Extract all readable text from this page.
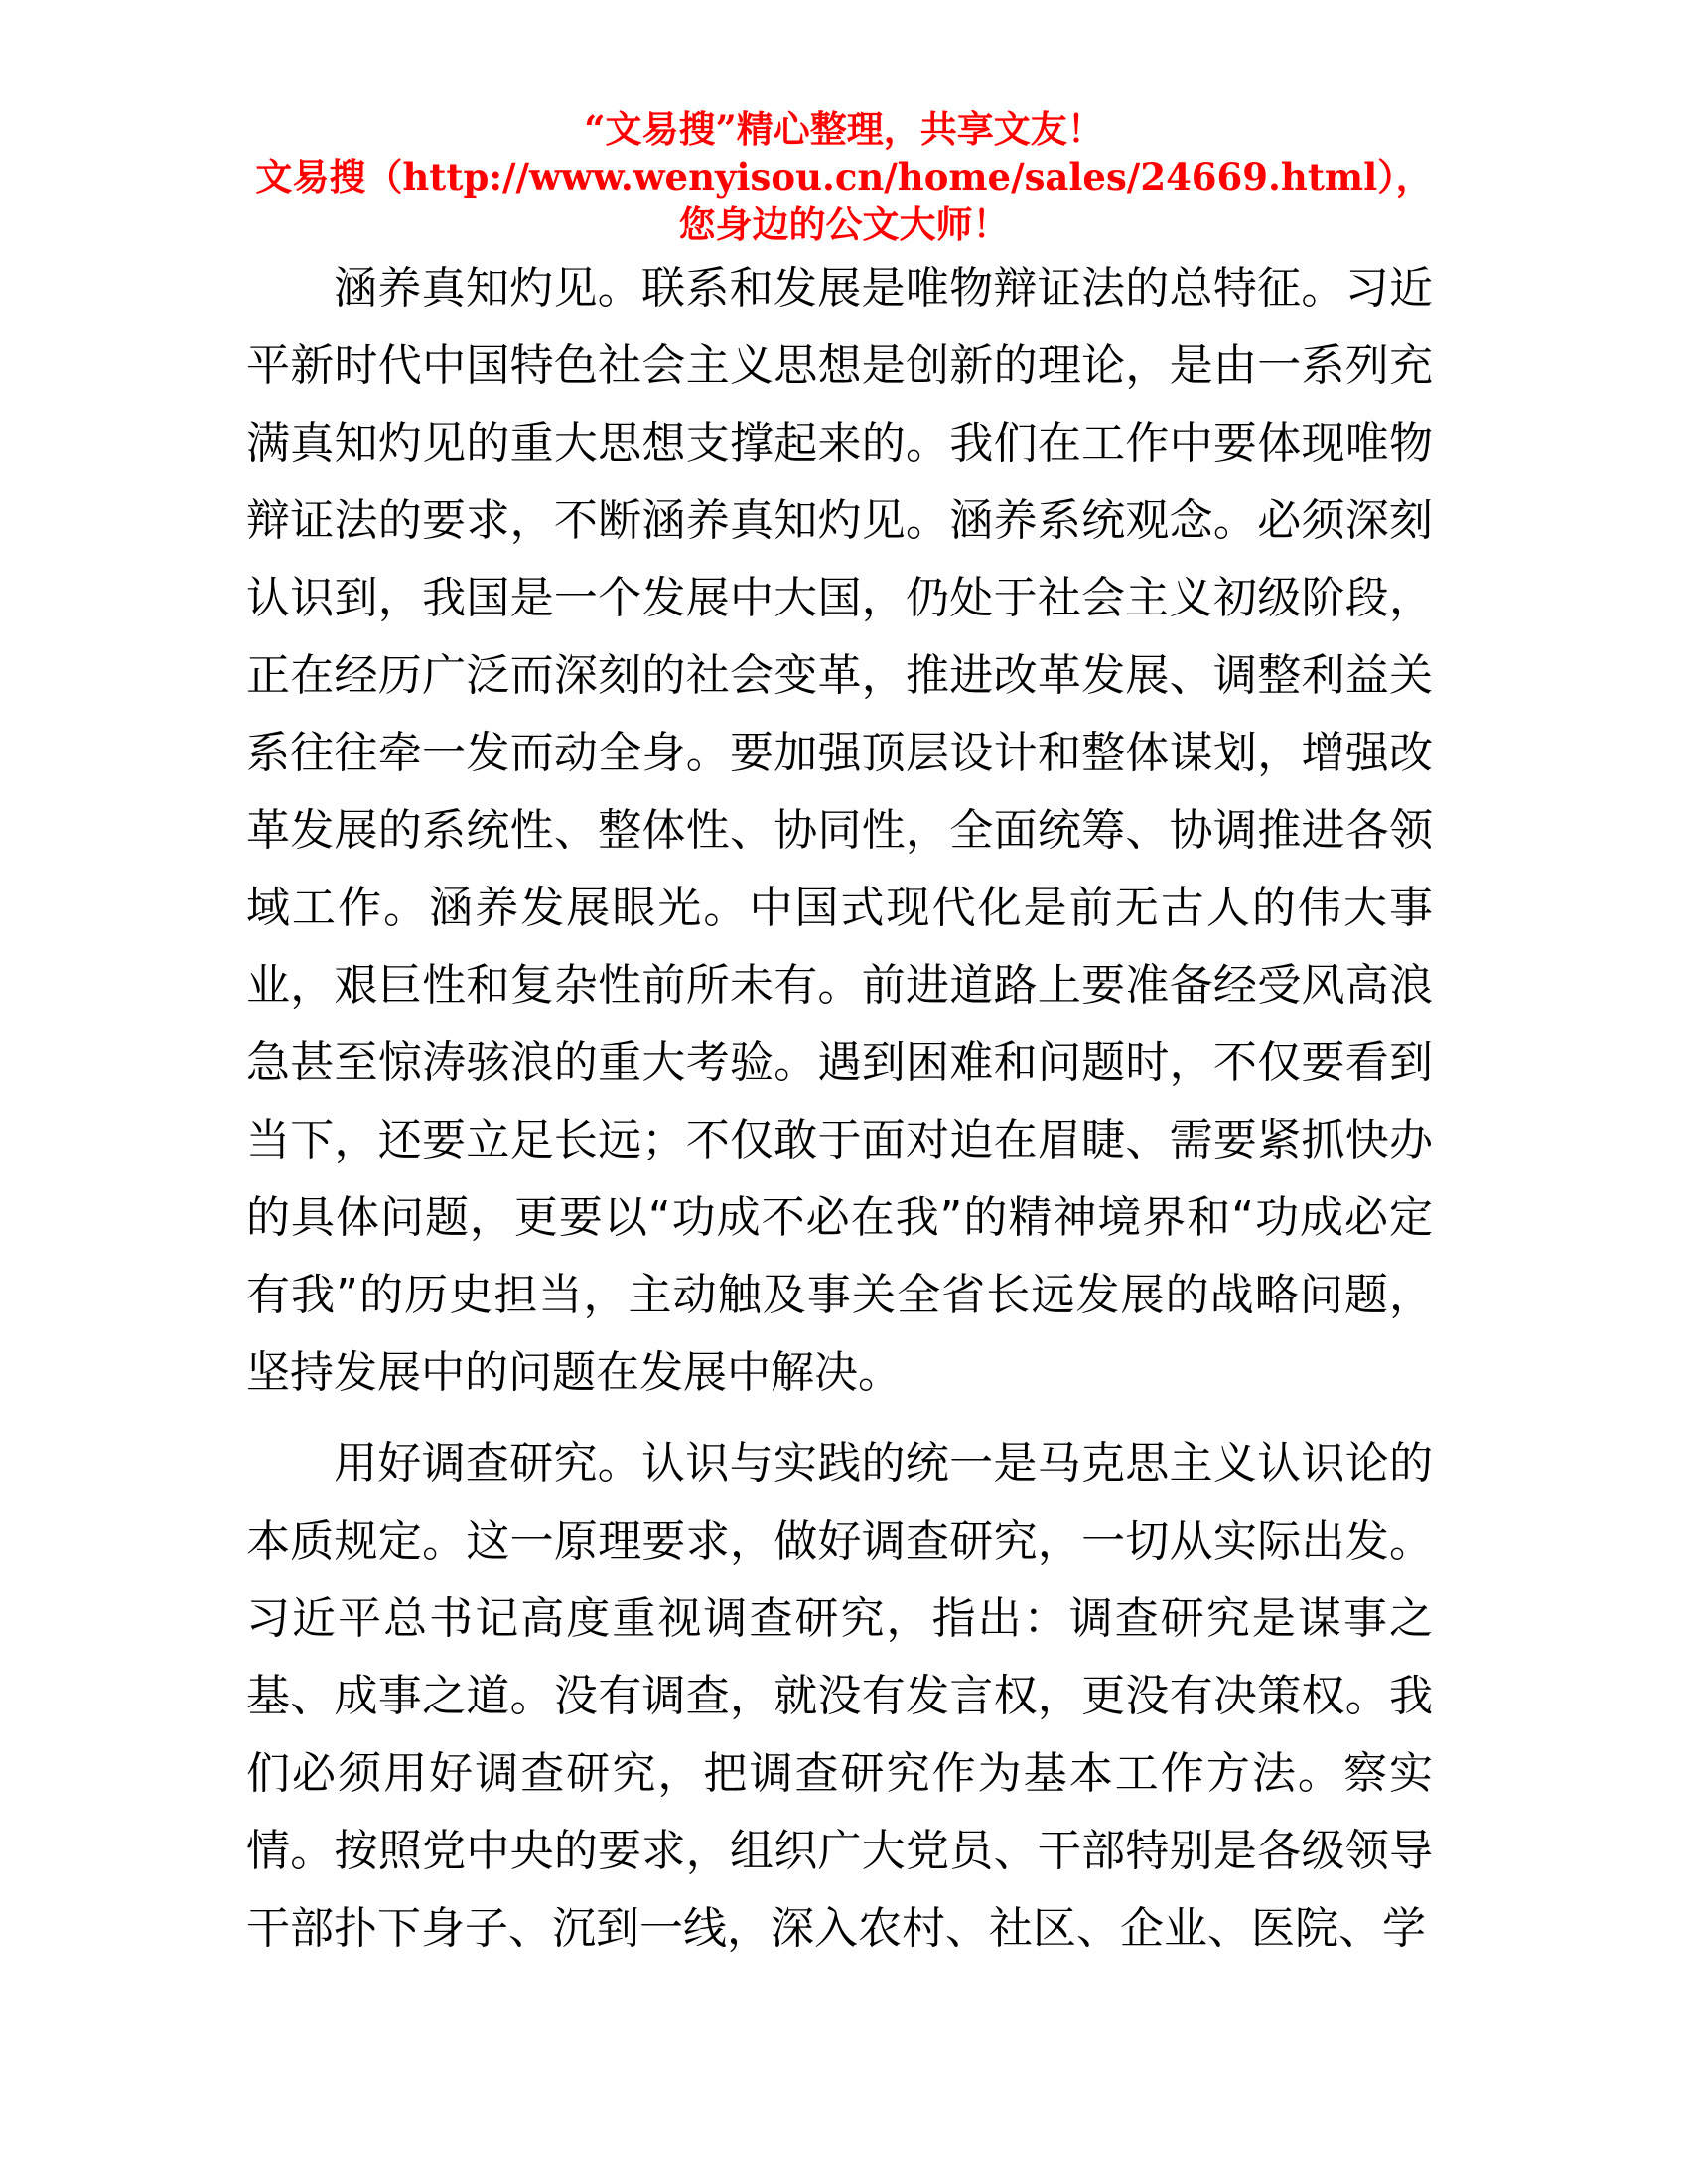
“文易搜”精心整理，共享文友！
文易搜（http://www.wenyisou.cn/home/sales/24669.html），
您身边的公文大师！

涵养真知灼见。联系和发展是唯物辩证法的总特征。习近平新时代中国特色社会主义思想是创新的理论，是由一系列充满真知灼见的重大思想支撑起来的。我们在工作中要体现唯物辩证法的要求，不断涵养真知灼见。涵养系统观念。必须深刻认识到，我国是一个发展中大国，仍处于社会主义初级阶段，正在经历广泛而深刻的社会变革，推进改革发展、调整利益关系往往牵一发而动全身。要加强顶层设计和整体谋划，增强改革发展的系统性、整体性、协同性，全面统筹、协调推进各领域工作。涵养发展眼光。中国式现代化是前无古人的伟大事业，艰巨性和复杂性前所未有。前进道路上要准备经受风高浪急甚至惊涛骇浪的重大考验。遇到困难和问题时，不仅要看到当下，还要立足长远；不仅敢于面对迫在眉睫、需要紧抓快办的具体问题，更要以“功成不必在我”的精神境界和“功成必定有我”的历史担当，主动触及事关全省长远发展的战略问题，坚持发展中的问题在发展中解决。

用好调查研究。认识与实践的统一是马克思主义认识论的本质规定。这一原理要求，做好调查研究，一切从实际出发。习近平总书记高度重视调查研究，指出：调查研究是谋事之基、成事之道。没有调查，就没有发言权，更没有决策权。我们必须用好调查研究，把调查研究作为基本工作方法。察实情。按照党中央的要求，组织广大党员、干部特别是各级领导干部扑下身子、沉到一线，深入农村、社区、企业、医院、学
